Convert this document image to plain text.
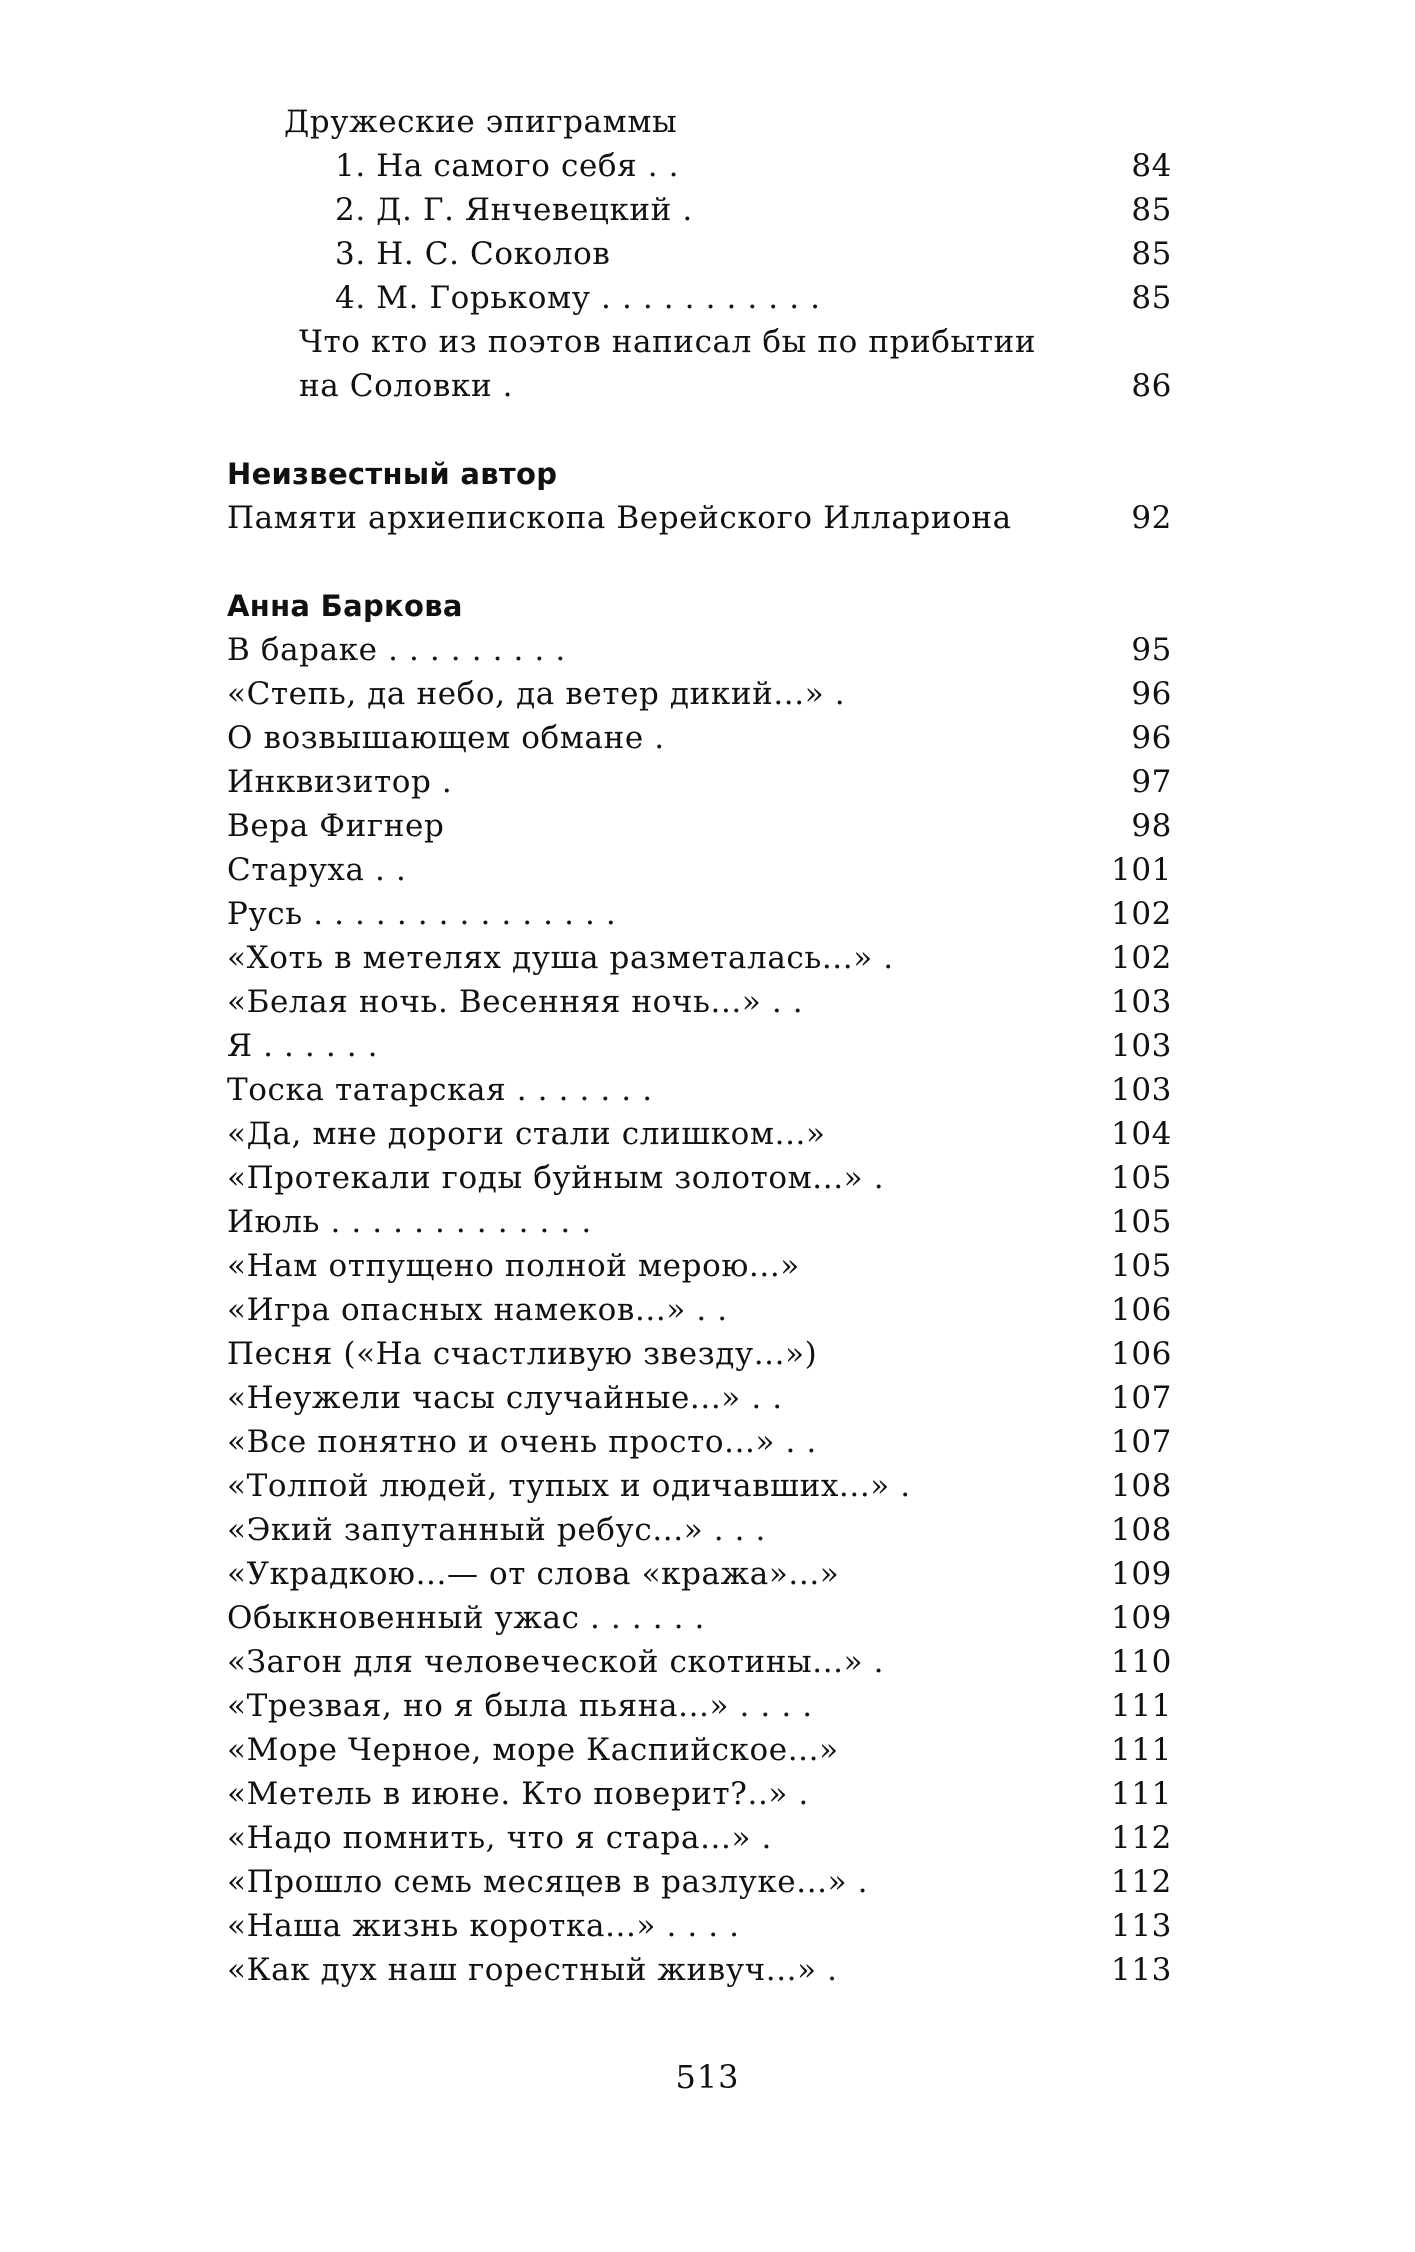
Дружеские эпиграммы
1. На самого себя . .	84
2. Д. Г. Янчевецкий .	85
3. Н. С. Соколов	85
4. М. Горькому . . . . . . . . . . .	85
Что кто из поэтов написал бы по прибытии
на Соловки .	86
Неизвестный автор
Памяти архиепископа Верейского Иллариона	92
Анна Баркова
В бараке . . . . . . . . .	95
«Степь, да небо, да ветер дикий...» .	96
О возвышающем обмане .	96
Инквизитор .	97
Вера Фигнер	98
Старуха . .	101
Русь . . . . . . . . . . . . . . .	102
«Хоть в метелях душа разметалась...» .	102
«Белая ночь. Весенняя ночь...» . .	103
Я . . . . . .	103
Тоска татарская . . . . . . .	103
«Да, мне дороги стали слишком...»	104
«Протекали годы буйным золотом...» .	105
Июль . . . . . . . . . . . . .	105
«Нам отпущено полной мерою...»	105
«Игра опасных намеков...» . .	106
Песня («На счастливую звезду...»)	106
«Неужели часы случайные...» . .	107
«Все понятно и очень просто...» . .	107
«Толпой людей, тупых и одичавших...» .	108
«Экий запутанный ребус...» . . .	108
«Украдкою...— от слова «кража»...»	109
Обыкновенный ужас . . . . . .	109
«Загон для человеческой скотины...» .	110
«Трезвая, но я была пьяна...» . . . .	111
«Море Черное, море Каспийское...»	111
«Метель в июне. Кто поверит?..» .	111
«Надо помнить, что я стара...» .	112
«Прошло семь месяцев в разлуке...» .	112
«Наша жизнь коротка...» . . . .	113
«Как дух наш горестный живуч...» .	113
513
